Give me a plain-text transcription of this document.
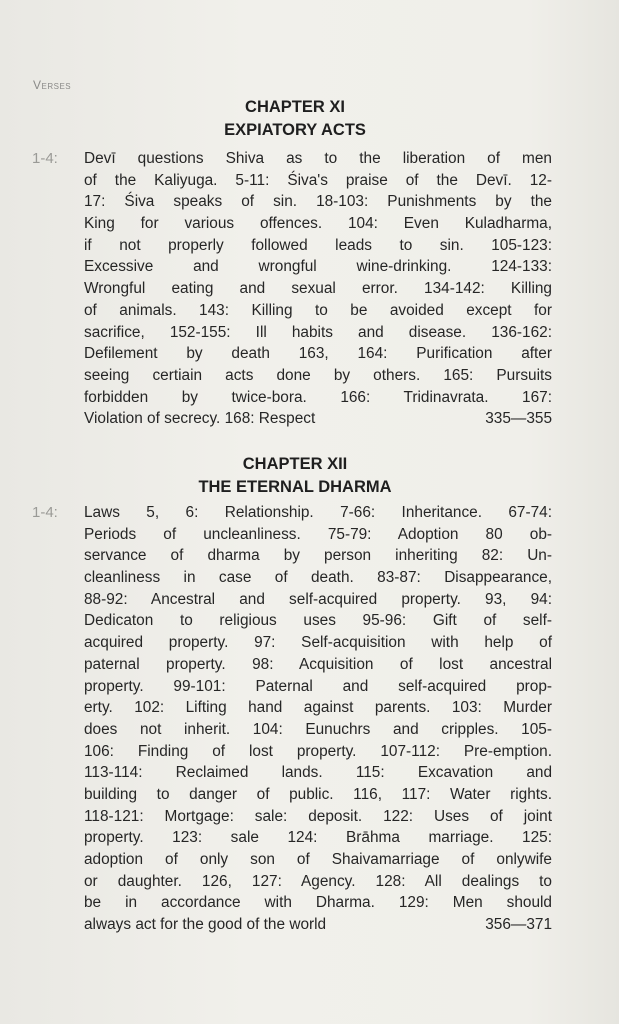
Verses
CHAPTER XI
EXPIATORY ACTS
1-4: Devī questions Shiva as to the liberation of men
of the Kaliyuga. 5-11: Śiva's praise of the Devī. 12-
17: Śiva speaks of sin. 18-103: Punishments by the
King for various offences. 104: Even Kuladharma,
if not properly followed leads to sin. 105-123:
Excessive and wrongful wine-drinking. 124-133:
Wrongful eating and sexual error. 134-142: Killing
of animals. 143: Killing to be avoided except for
sacrifice, 152-155: Ill habits and disease. 136-162:
Defilement by death 163, 164: Purification after
seeing certiain acts done by others. 165: Pursuits
forbidden by twice-bora. 166: Tridinavrata. 167:
Violation of secrecy. 168: Respect	335—355
CHAPTER XII
THE ETERNAL DHARMA
1-4: Laws 5, 6: Relationship. 7-66: Inheritance. 67-74:
Periods of uncleanliness. 75-79: Adoption 80 ob-
servance of dharma by person inheriting 82: Un-
cleanliness in case of death. 83-87: Disappearance,
88-92: Ancestral and self-acquired property. 93, 94:
Dedicaton to religious uses 95-96: Gift of self-
acquired property. 97: Self-acquisition with help of
paternal property. 98: Acquisition of lost ancestral
property. 99-101: Paternal and self-acquired prop-
erty. 102: Lifting hand against parents. 103: Murder
does not inherit. 104: Eunuchrs and cripples. 105-
106: Finding of lost property. 107-112: Pre-emption.
113-114: Reclaimed lands. 115: Excavation and
building to danger of public. 116, 117: Water rights.
118-121: Mortgage: sale: deposit. 122: Uses of joint
property. 123: sale 124: Brāhma marriage. 125:
adoption of only son of Shaivamarriage of onlywife
or daughter. 126, 127: Agency. 128: All dealings to
be in accordance with Dharma. 129: Men should
always act for the good of the world	356—371
